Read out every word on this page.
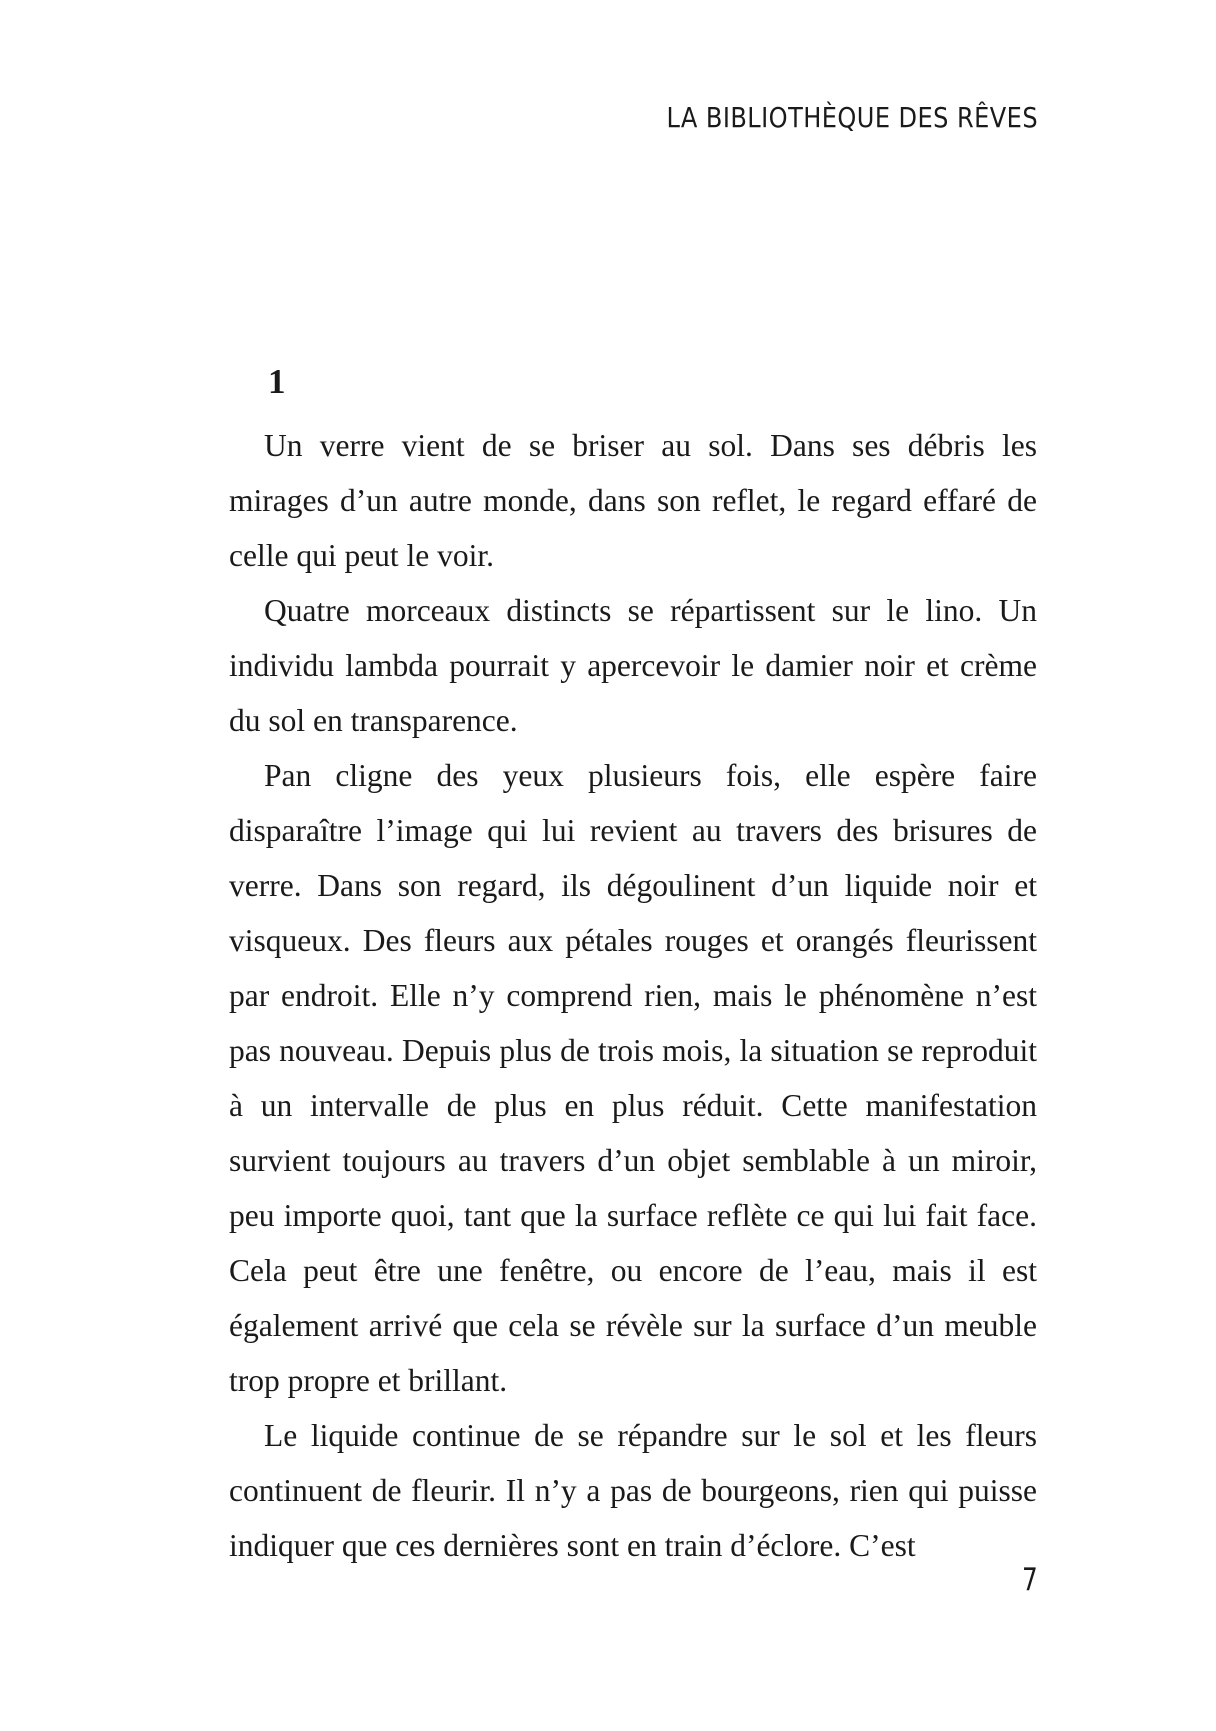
LA BIBLIOTHÈQUE DES RÊVES
1

Un verre vient de se briser au sol. Dans ses débris les mirages d’un autre monde, dans son reflet, le regard effaré de celle qui peut le voir.

Quatre morceaux distincts se répartissent sur le lino. Un individu lambda pourrait y apercevoir le damier noir et crème du sol en transparence.

Pan cligne des yeux plusieurs fois, elle espère faire disparaître l’image qui lui revient au travers des brisures de verre. Dans son regard, ils dégoulinent d’un liquide noir et visqueux. Des fleurs aux pétales rouges et orangés fleurissent par endroit. Elle n’y comprend rien, mais le phénomène n’est pas nouveau. Depuis plus de trois mois, la situation se reproduit à un intervalle de plus en plus réduit. Cette manifestation survient toujours au travers d’un objet semblable à un miroir, peu importe quoi, tant que la surface reflète ce qui lui fait face. Cela peut être une fenêtre, ou encore de l’eau, mais il est également arrivé que cela se révèle sur la surface d’un meuble trop propre et brillant.

Le liquide continue de se répandre sur le sol et les fleurs continuent de fleurir. Il n’y a pas de bourgeons, rien qui puisse indiquer que ces dernières sont en train d’éclore. C’est

7
